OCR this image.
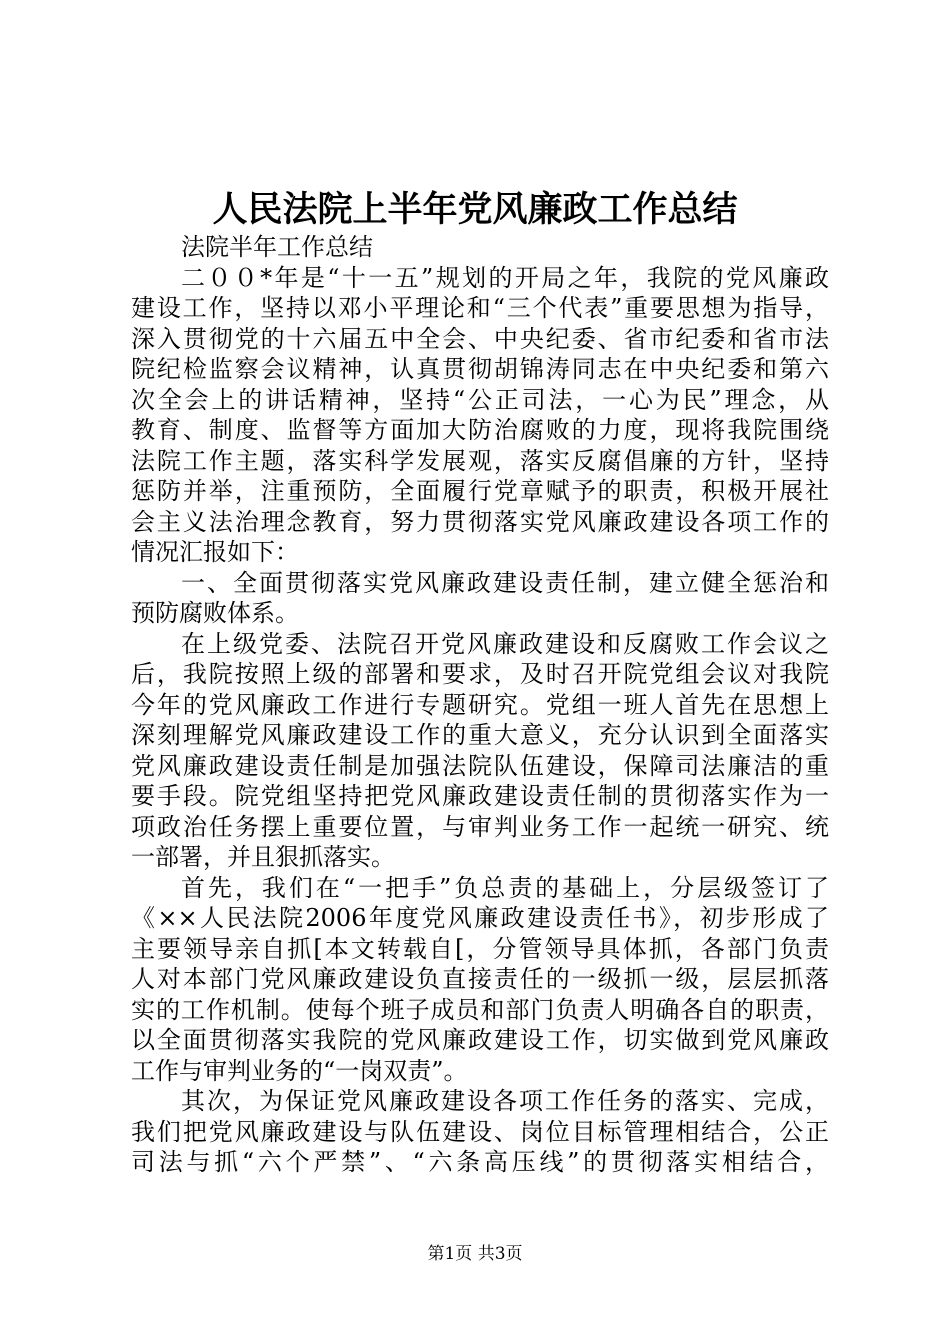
人民法院上半年党风廉政工作总结
法院半年工作总结
二００*年是“十一五”规划的开局之年，我院的党风廉政
建设工作，坚持以邓小平理论和“三个代表”重要思想为指导，
深入贯彻党的十六届五中全会、中央纪委、省市纪委和省市法
院纪检监察会议精神，认真贯彻胡锦涛同志在中央纪委和第六
次全会上的讲话精神，坚持“公正司法，一心为民”理念，从
教育、制度、监督等方面加大防治腐败的力度，现将我院围绕
法院工作主题，落实科学发展观，落实反腐倡廉的方针，坚持
惩防并举，注重预防，全面履行党章赋予的职责，积极开展社
会主义法治理念教育，努力贯彻落实党风廉政建设各项工作的
情况汇报如下：
一、全面贯彻落实党风廉政建设责任制，建立健全惩治和
预防腐败体系。
在上级党委、法院召开党风廉政建设和反腐败工作会议之
后，我院按照上级的部署和要求，及时召开院党组会议对我院
今年的党风廉政工作进行专题研究。党组一班人首先在思想上
深刻理解党风廉政建设工作的重大意义，充分认识到全面落实
党风廉政建设责任制是加强法院队伍建设，保障司法廉洁的重
要手段。院党组坚持把党风廉政建设责任制的贯彻落实作为一
项政治任务摆上重要位置，与审判业务工作一起统一研究、统
一部署，并且狠抓落实。
首先，我们在“一把手”负总责的基础上，分层级签订了
《××人民法院2006年度党风廉政建设责任书》，初步形成了
主要领导亲自抓[本文转载自[，分管领导具体抓，各部门负责
人对本部门党风廉政建设负直接责任的一级抓一级，层层抓落
实的工作机制。使每个班子成员和部门负责人明确各自的职责，
以全面贯彻落实我院的党风廉政建设工作，切实做到党风廉政
工作与审判业务的“一岗双责”。
其次，为保证党风廉政建设各项工作任务的落实、完成，
我们把党风廉政建设与队伍建设、岗位目标管理相结合，公正
司法与抓“六个严禁”、“六条高压线”的贯彻落实相结合，
第1页 共3页
